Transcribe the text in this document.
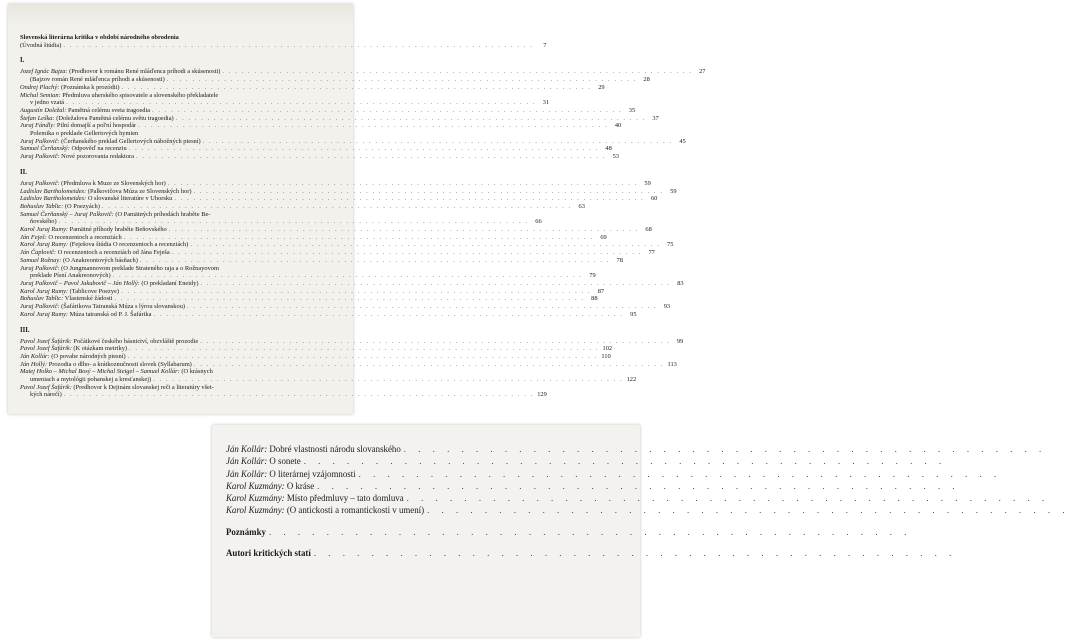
Slovenská literárna kritika v období národného obrodenia
(Úvodná štúdia) . . .	7
I.
Jozef Ignác Bajza: (Predhovor k románu René mláďenca príhodi a skúsenosti) . . .	27
(Bajzov román René mláďenca príhodi a skúsenosti) . . .	28
Ondrej Plachý: (Poznámka k prozódii) . . .	29
Michal Semian: Předmluva uherského spisovatele a slovenského překladatele
v jedno vzatá . . .	31
Augustín Doležal: Pamětná celému sveta tragoedia . . .	35
Štefan Leška: (Doležalova Pamětná celému světu tragoedia) . . .	37
Juraj Fándly: Pilní domajší a pol'ní hospodár . . .	40
Polemika o preklade Gellertových hymien
Juraj Palkovič: (Čerňanského preklad Gellertových nábožných piesní) . . .	45
Samuel Čerňanský: Odpověď na recenziu . . .	48
Juraj Palkovič: Nové pozorovania redaktora . . .	53
II.
Juraj Palkovič: (Předmluva k Muze ze Slovenských hor) . . .	59
Ladislav Bartholomeides: (Palkovičova Múza ze Slovenských hor) . . .	59
Ladislav Bartholomeides: O slovanské literatúre v Uhorsku . . .	60
Bohuslav Tablic: (O Poezyách) . . .	63
Samuel Čerňanský – Juraj Palkovič: (O Pamätných príhodách hraběte Be-
ňovského) . . .	66
Karol Juraj Rumy: Pamätné příhody hraběte Beňovského . . .	68
Ján Feješ: O recenzentoch a recenziách . . .	69
Karol Juraj Rumy: (Feješova štúdia O recenzentoch a recenziách) . . .	75
Ján Čaplovič: O recenzentoch a recenziách od Jána Feješa . . .	77
Samuel Rožnay: (O Anakreontových básňach) . . .	78
Juraj Palkovič: (O Jungmannovom preklade Strateného raja a o Rožnayovom
preklade Písní Anakreonových) . . .	79
Juraj Palkovič – Pavol Jakubovič – Ján Hollý: (O prekladaní Eneidy) . . .	83
Karol Juraj Rumy: (Tablicove Poezye) . . .	87
Bohuslav Tablic: Vlastenské žádosti . . .	88
Juraj Palkovič: (Šafárikova Tatranská Múza s lýrou slovanskou) . . .	93
Karol Juraj Rumy: Múza tatranská od P. J. Šafárika . . .	95
III.
Pavol Jozef Šafárik: Počátkové českého básnictví, obzvláště prozodie . . .	99
Pavol Jozef Šafárik: (K otázkam metriky) . . .	102
Ján Kollár: (O povahe národných piesní) . . .	110
Ján Hollý: Prozodia o dlho- a krátkoznučnosti slovek (Syllabarum) . . .	113
Matej Holko – Michal Bosý – Michal Steigel – Samuel Kollár: (O krásnych
umeniach a mytológii pohanskej a kresťanskej) . . .	122
Pavol Jozef Šafárik: (Predhovor k Dejinám slovanskej reči a literatúry všet-
kých nárečí) . . .	129
Ján Kollár: Dobré vlastnosti národu slovanského
. . .
Ján Kollár: O sonete
. . .
Ján Kollár: O literárnej vzájomnosti
. . .
Karol Kuzmány: O kráse
. . .
Karol Kuzmány: Místo předmluvy – tato domluva
. . .
Karol Kuzmány: (O antickosti a romantickosti v umení)
. . .
Poznámky
. . .
Autori kritických statí
. . .
